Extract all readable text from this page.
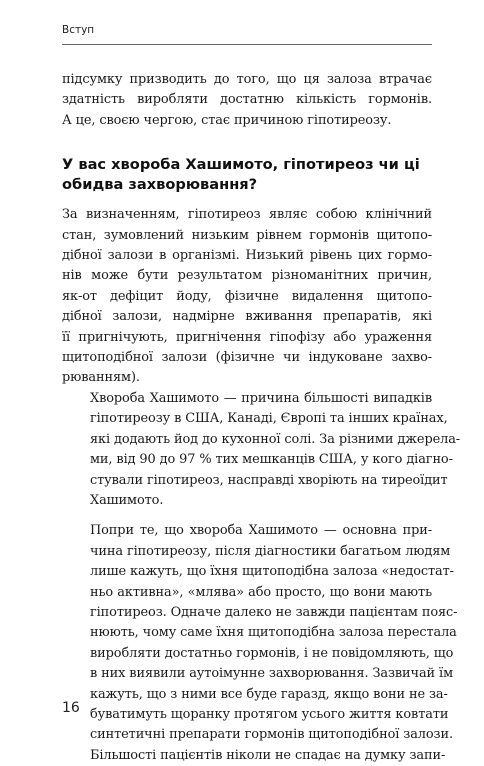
Вступ
підсумку призводить до того, що ця залоза втрачає
здатність виробляти достатню кількість гормонів.
А це, своєю чергою, стає причиною гіпотиреозу.
У вас хвороба Хашимото, гіпотиреоз чи ці
обидва захворювання?
За визначенням, гіпотиреоз являє собою клінічний
стан, зумовлений низьким рівнем гормонів щитопо-
дібної залози в організмі. Низький рівень цих гормо-
нів може бути результатом різноманітних причин,
як-от дефіцит йоду, фізичне видалення щитопо-
дібної залози, надмірне вживання препаратів, які
її пригнічують, пригнічення гіпофізу або ураження
щитоподібної залози (фізичне чи індуковане захво-
рюванням).
Хвороба Хашимото — причина більшості випадків
гіпотиреозу в США, Канаді, Європі та інших країнах,
які додають йод до кухонної солі. За різними джерела-
ми, від 90 до 97 % тих мешканців США, у кого діагно-
стували гіпотиреоз, насправді хворіють на тиреоїдит
Хашимото.
Попри те, що хвороба Хашимото — основна при-
чина гіпотиреозу, після діагностики багатьом людям
лише кажуть, що їхня щитоподібна залоза «недостат-
ньо активна», «млява» або просто, що вони мають
гіпотиреоз. Одначе далеко не завжди пацієнтам пояс-
нюють, чому саме їхня щитоподібна залоза перестала
виробляти достатньо гормонів, і не повідомляють, що
в них виявили аутоімунне захворювання. Зазвичай їм
кажуть, що з ними все буде гаразд, якщо вони не за-
буватимуть щоранку протягом усього життя ковтати
синтетичні препарати гормонів щитоподібної залози.
Більшості пацієнтів ніколи не спадає на думку запи-
16
